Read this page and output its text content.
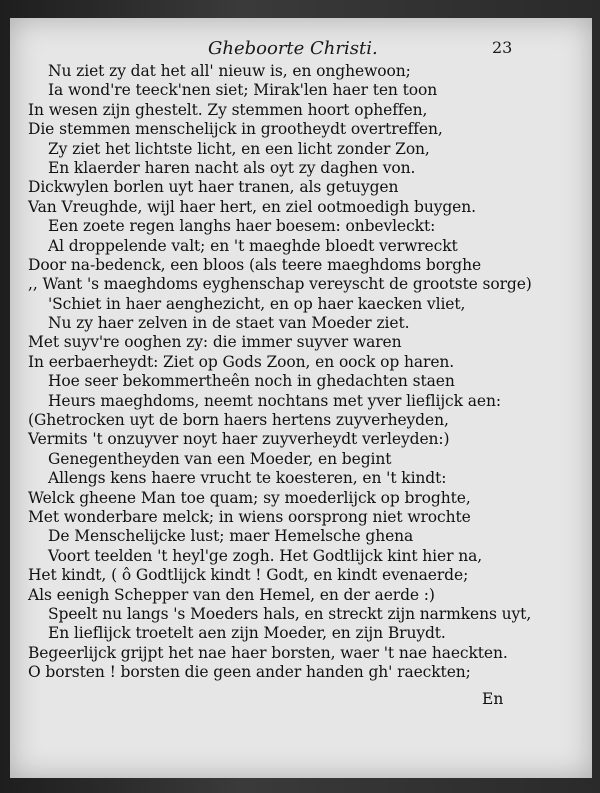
Gheboorte Christi.	23
Nu ziet zy dat het all' nieuw is, en onghewoon;
Ia wond're teeck'nen siet; Mirak'len haer ten toon
In wesen zijn ghestelt. Zy stemmen hoort opheffen,
Die stemmen menschelijck in grootheydt overtreffen,
Zy ziet het lichtste licht, en een licht zonder Zon,
En klaerder haren nacht als oyt zy daghen von.
Dickwylen borlen uyt haer tranen, als getuygen
Van Vreughde, wijl haer hert, en ziel ootmoedigh buygen.
Een zoete regen langhs haer boesem: onbevleckt:
Al droppelende valt; en 't maeghde bloedt verwreckt
Door na-bedenck, een bloos (als teere maeghdoms borghe
,, Want 's maeghdoms eyghenschap vereyscht de grootste sorge)
'Schiet in haer aenghezicht, en op haer kaecken vliet,
Nu zy haer zelven in de staet van Moeder ziet.
Met suyv're ooghen zy: die immer suyver waren
In eerbaerheydt: Ziet op Gods Zoon, en oock op haren.
Hoe seer bekommertheên noch in ghedachten staen
Heurs maeghdoms, neemt nochtans met yver lieflijck aen:
(Ghetrocken uyt de born haers hertens zuyverheyden,
Vermits 't onzuyver noyt haer zuyverheydt verleyden:)
Genegentheyden van een Moeder, en begint
Allengs kens haere vrucht te koesteren, en 't kindt:
Welck gheene Man toe quam; sy moederlijck op broghte,
Met wonderbare melck; in wiens oorsprong niet wrochte
De Menschelijcke lust; maer Hemelsche ghena
Voort teelden 't heyl'ge zogh. Het Godtlijck kint hier na,
Het kindt, ( ô Godtlijck kindt ! Godt, en kindt evenaerde;
Als eenigh Schepper van den Hemel, en der aerde :)
Speelt nu langs 's Moeders hals, en streckt zijn narmkens uyt,
En lieflijck troetelt aen zijn Moeder, en zijn Bruydt.
Begeerlijck grijpt het nae haer borsten, waer 't nae haeckten.
O borsten ! borsten die geen ander handen gh' raeckten;
En
